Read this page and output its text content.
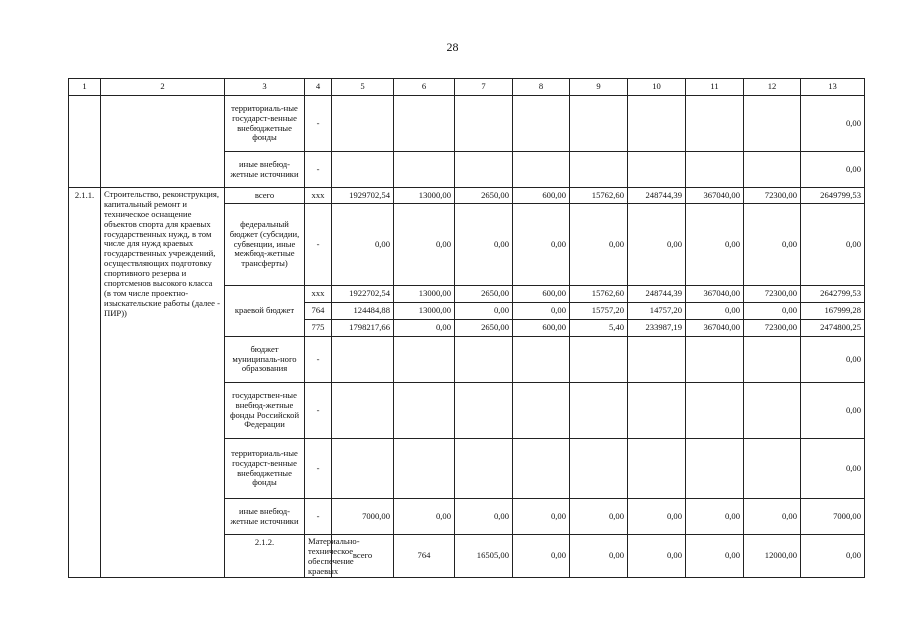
28
1	2	3	4	5	6	7	8	9	10	11	12	13	
		территориаль-ные государст-венные внебюджетные фонды	-									0,00	
		иные внебюд-жетные источники	-									0,00	
2.1.1.	Строительство, реконструкция, капитальный ремонт и техническое оснащение объектов спорта для краевых государственных нужд, в том числе для нужд краевых государственных учреждений, осуществляющих подготовку спортивного резерва и спортсменов высокого класса (в том числе проектно-изыскательские работы (далее - ПИР))	всего	xxx	1929702,54	13000,00	2650,00	600,00	15762,60	248744,39	367040,00	72300,00	2649799,53	
		федеральный бюджет (субсидии, субвенции, иные межбюд-жетные трансферты)	-	0,00	0,00	0,00	0,00	0,00	0,00	0,00	0,00	0,00	
		краевой бюджет	xxx	1922702,54	13000,00	2650,00	600,00	15762,60	248744,39	367040,00	72300,00	2642799,53	
			764	124484,88	13000,00	0,00	0,00	15757,20	14757,20	0,00	0,00	167999,28	
			775	1798217,66	0,00	2650,00	600,00	5,40	233987,19	367040,00	72300,00	2474800,25	
		бюджет муниципаль-ного образования	-									0,00	
		государствен-ные внебюд-жетные фонды Российской Федерации	-									0,00	
		территориаль-ные государст-венные внебюджетные фонды	-									0,00	
		иные внебюд-жетные источники	-	7000,00	0,00	0,00	0,00	0,00	0,00	0,00	0,00	7000,00	
		2.1.2.	Материально-техническое обеспечение краевых	всего	764	16505,00	0,00	0,00	0,00	0,00	12000,00	0,00		
